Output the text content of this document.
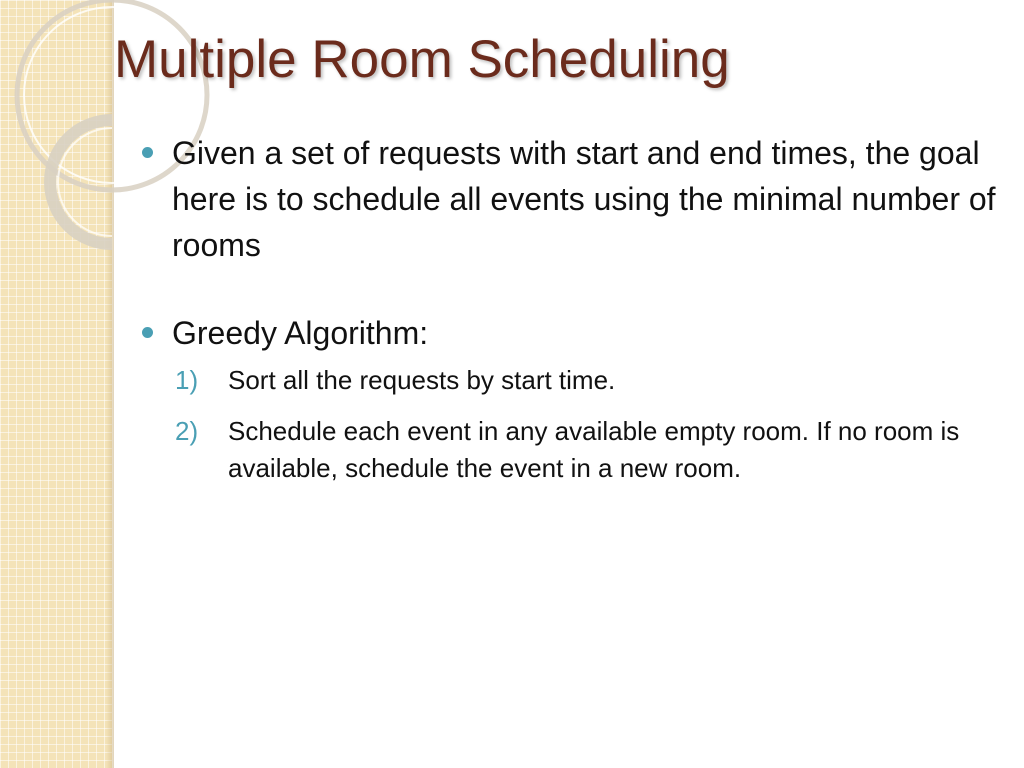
Multiple Room Scheduling
Given a set of requests with start and end times, the goal here is to schedule all events using the minimal number of rooms
Greedy Algorithm:
1) Sort all the requests by start time.
2) Schedule each event in any available empty room. If no room is available, schedule the event in a new room.
